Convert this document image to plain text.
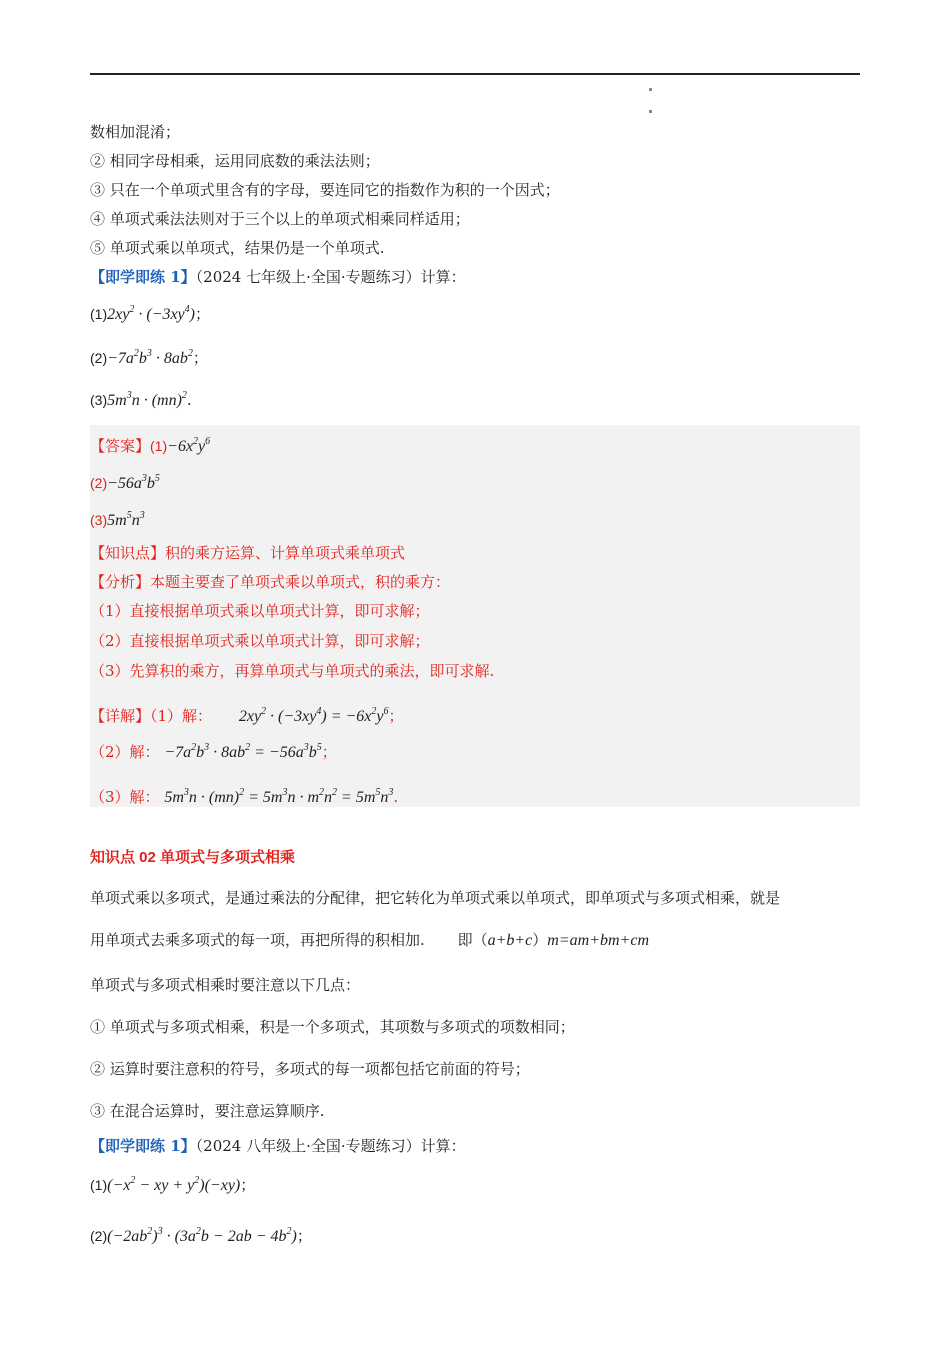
数相加混淆；
② 相同字母相乘，运用同底数的乘法法则；
③ 只在一个单项式里含有的字母，要连同它的指数作为积的一个因式；
④ 单项式乘法法则对于三个以上的单项式相乘同样适用；
⑤ 单项式乘以单项式，结果仍是一个单项式.
【即学即练 1】（2024 七年级上·全国·专题练习）计算：
$(1)2xy^2 \cdot (-3xy^4)$；
$(2)-7a^2b^3 \cdot 8ab^2$；
$(3)5m^3n \cdot (mn)^2$.
【答案】$(1)-6x^2y^6$
$(2)-56a^3b^5$
$(3)5m^5n^3$
【知识点】积的乘方运算、计算单项式乘单项式
【分析】本题主要查了单项式乘以单项式，积的乘方：
（1）直接根据单项式乘以单项式计算，即可求解；
（2）直接根据单项式乘以单项式计算，即可求解；
（3）先算积的乘方，再算单项式与单项式的乘法，即可求解.
【详解】（1）解： $2xy^2 \cdot (-3xy^4) = -6x^2y^6$；
（2）解： $-7a^2b^3 \cdot 8ab^2 = -56a^3b^5$；
（3）解： $5m^3n \cdot (mn)^2 = 5m^3n \cdot m^2n^2 = 5m^5n^3$.
知识点 02 单项式与多项式相乘
单项式乘以多项式，是通过乘法的分配律，把它转化为单项式乘以单项式，即单项式与多项式相乘，就是
用单项式去乘多项式的每一项，再把所得的积相加. 即（a+b+c）m=am+bm+cm
单项式与多项式相乘时要注意以下几点：
① 单项式与多项式相乘，积是一个多项式，其项数与多项式的项数相同；
② 运算时要注意积的符号，多项式的每一项都包括它前面的符号；
③ 在混合运算时，要注意运算顺序.
【即学即练 1】（2024 八年级上·全国·专题练习）计算：
$(1)(-x^2$ − xy + $y^2)(-xy)$；
$(2)(-2ab^2)^3 \cdot (3a^2b - 2ab - 4b^2)$；
